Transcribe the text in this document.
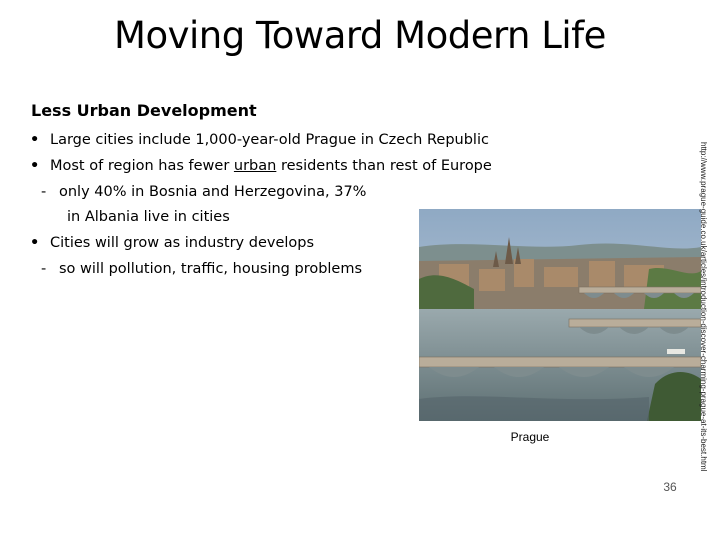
Moving Toward Modern Life
Less Urban Development
• Large cities include 1,000-year-old Prague in Czech Republic
• Most of region has fewer urban residents than rest of Europe
- only 40% in Bosnia and Herzegovina, 37%
in Albania live in cities
• Cities will grow as industry develops
- so will pollution, traffic, housing problems
Prague	http://www.prague-guide.co.uk/articles/introduction-discover-charming-prague-at-its-best.html
36
